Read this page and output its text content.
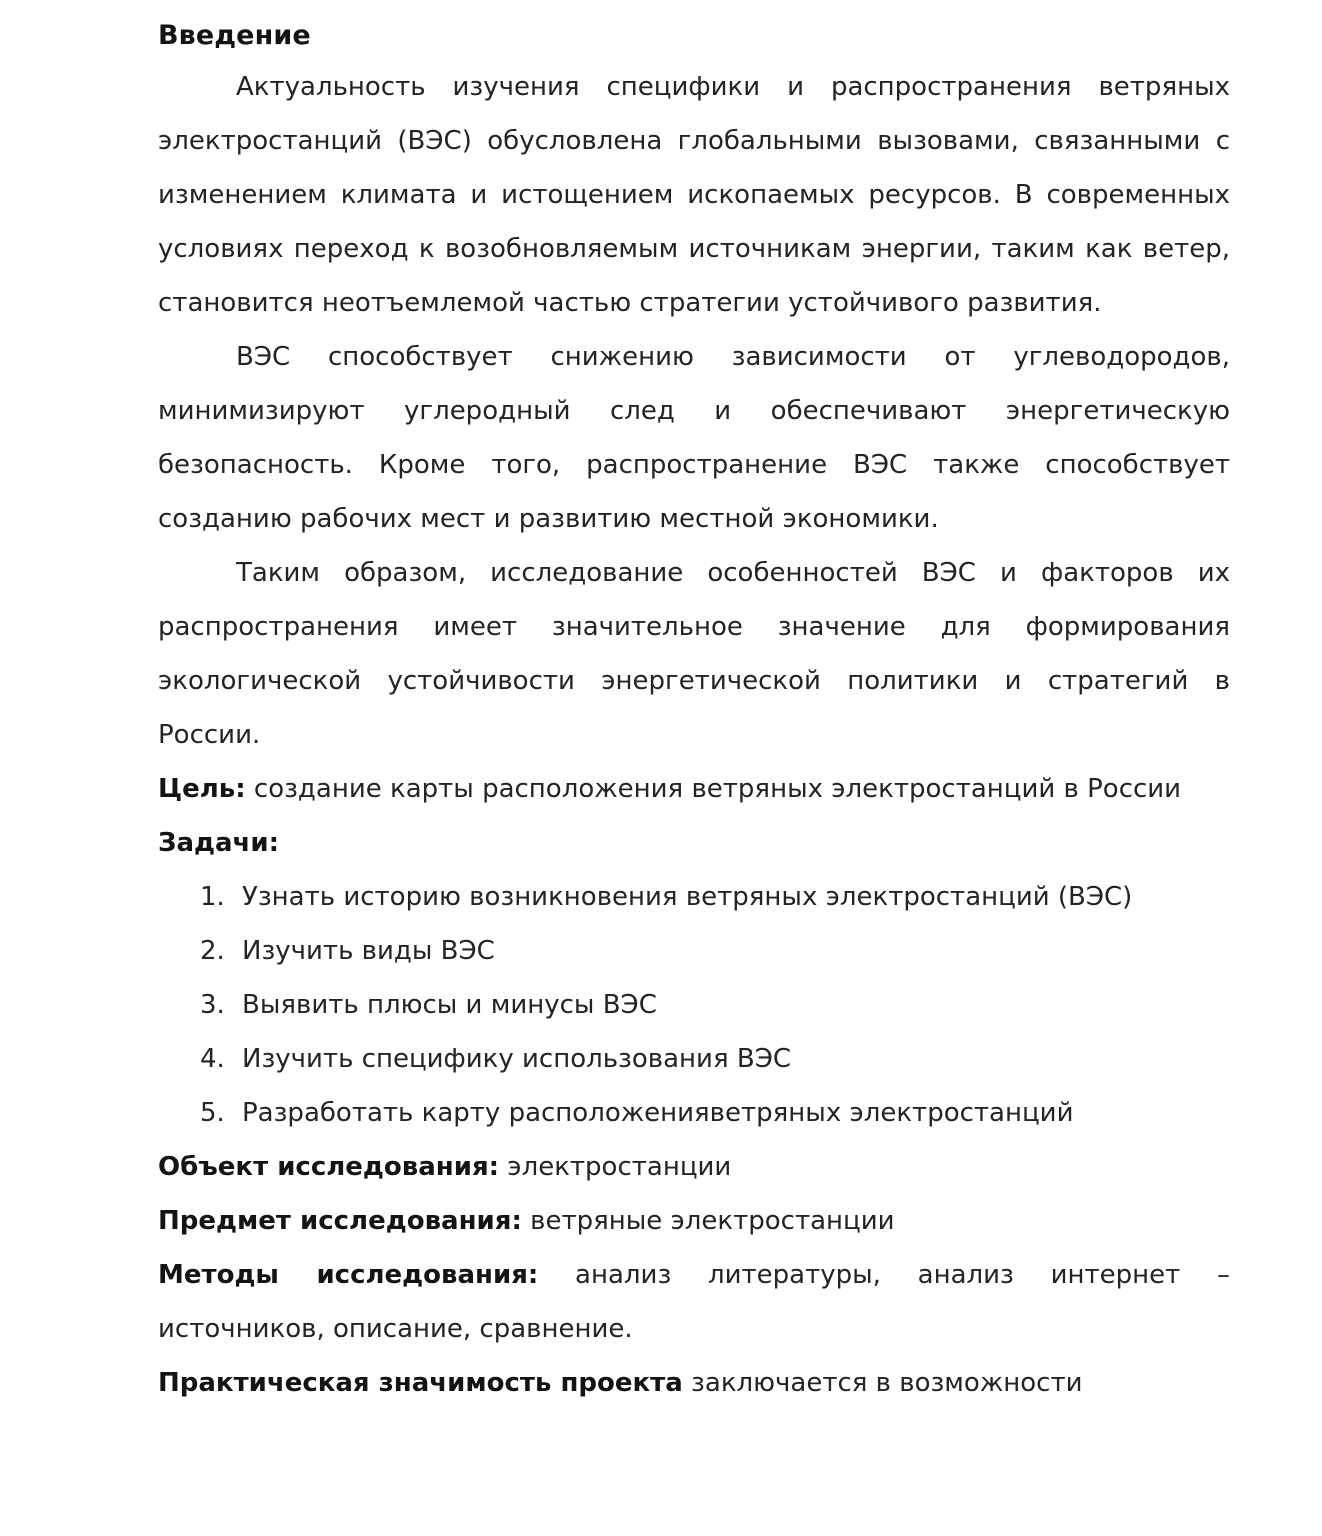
Введение

Актуальность изучения специфики и распространения ветряных электростанций (ВЭС) обусловлена глобальными вызовами, связанными с изменением климата и истощением ископаемых ресурсов. В современных условиях переход к возобновляемым источникам энергии, таким как ветер, становится неотъемлемой частью стратегии устойчивого развития.

ВЭС способствует снижению зависимости от углеводородов, минимизируют углеродный след и обеспечивают энергетическую безопасность. Кроме того, распространение ВЭС также способствует созданию рабочих мест и развитию местной экономики.

Таким образом, исследование особенностей ВЭС и факторов их распространения имеет значительное значение для формирования экологической устойчивости энергетической политики и стратегий в России.

Цель: создание карты расположения ветряных электростанций в России

Задачи:

Узнать историю возникновения ветряных электростанций (ВЭС)
Изучить виды ВЭС
Выявить плюсы и минусы ВЭС
Изучить специфику использования ВЭС
Разработать карту расположенияветряных электростанций

Объект исследования: электростанции

Предмет исследования: ветряные электростанции

Методы исследования: анализ литературы, анализ интернет – источников, описание, сравнение.

Практическая значимость проекта заключается в возможности
